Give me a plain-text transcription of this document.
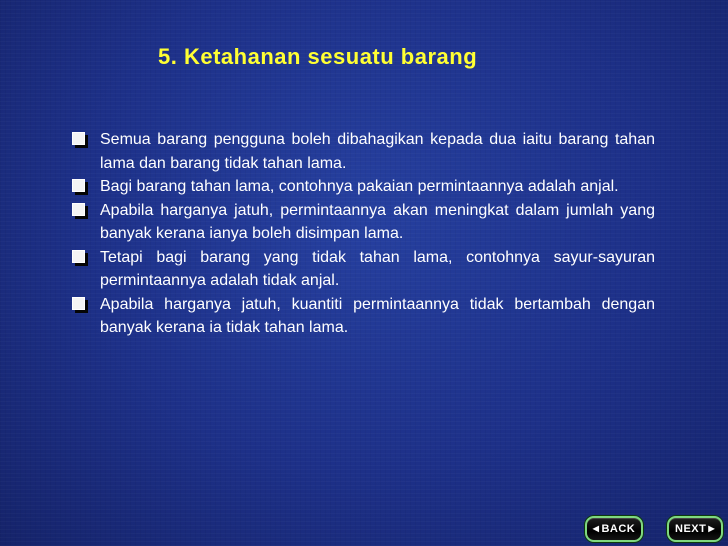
5. Ketahanan sesuatu barang
Semua barang pengguna boleh dibahagikan kepada dua iaitu barang tahan lama dan barang tidak tahan lama.
Bagi barang tahan lama, contohnya pakaian permintaannya adalah anjal.
Apabila harganya jatuh, permintaannya akan meningkat dalam jumlah yang banyak kerana ianya boleh disimpan lama.
Tetapi bagi barang yang tidak tahan lama, contohnya sayur-sayuran permintaannya adalah tidak anjal.
Apabila harganya jatuh, kuantiti permintaannya tidak bertambah dengan banyak kerana ia tidak tahan lama.
◀ BACK	NEXT ▶
